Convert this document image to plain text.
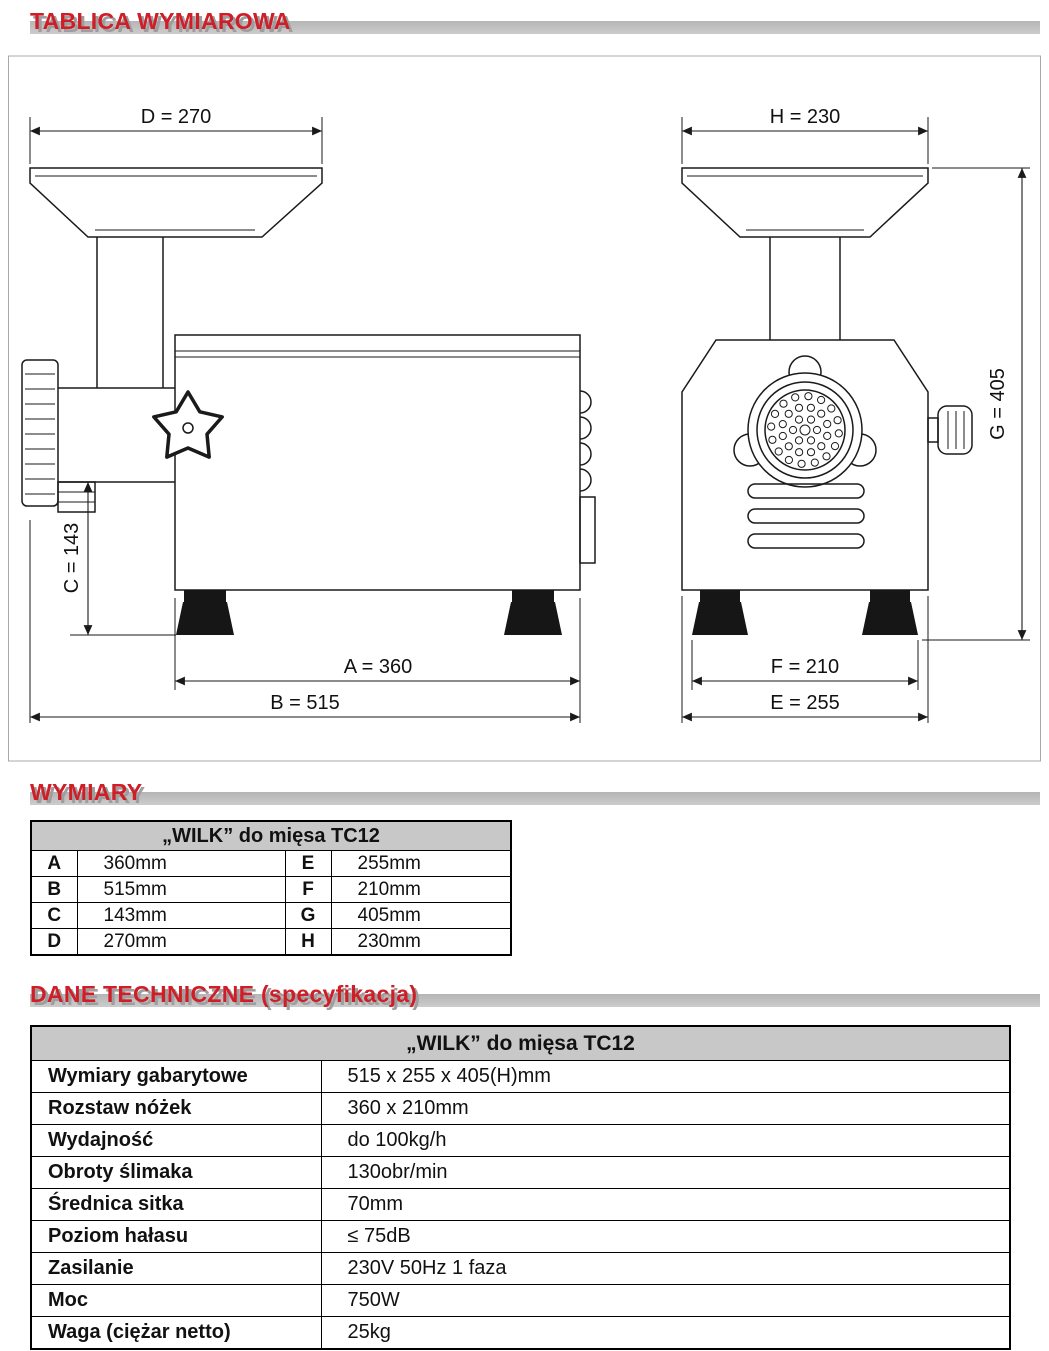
TABLICA WYMIAROWA
D = 270
C = 143
A = 360
B = 515
H = 230
G = 405
F = 210
E = 255
WYMIARY
„WILK” do mięsa TC12			
A	360mm	E	255mm
B	515mm	F	210mm
C	143mm	G	405mm
D	270mm	H	230mm
DANE TECHNICZNE (specyfikacja)
„WILK” do mięsa TC12	
Wymiary gabarytowe	515 x 255 x 405(H)mm
Rozstaw nóżek	360 x 210mm
Wydajność	do 100kg/h
Obroty ślimaka	130obr/min
Średnica sitka	70mm
Poziom hałasu	≤ 75dB
Zasilanie	230V 50Hz 1 faza
Moc	750W
Waga (ciężar netto)	25kg
